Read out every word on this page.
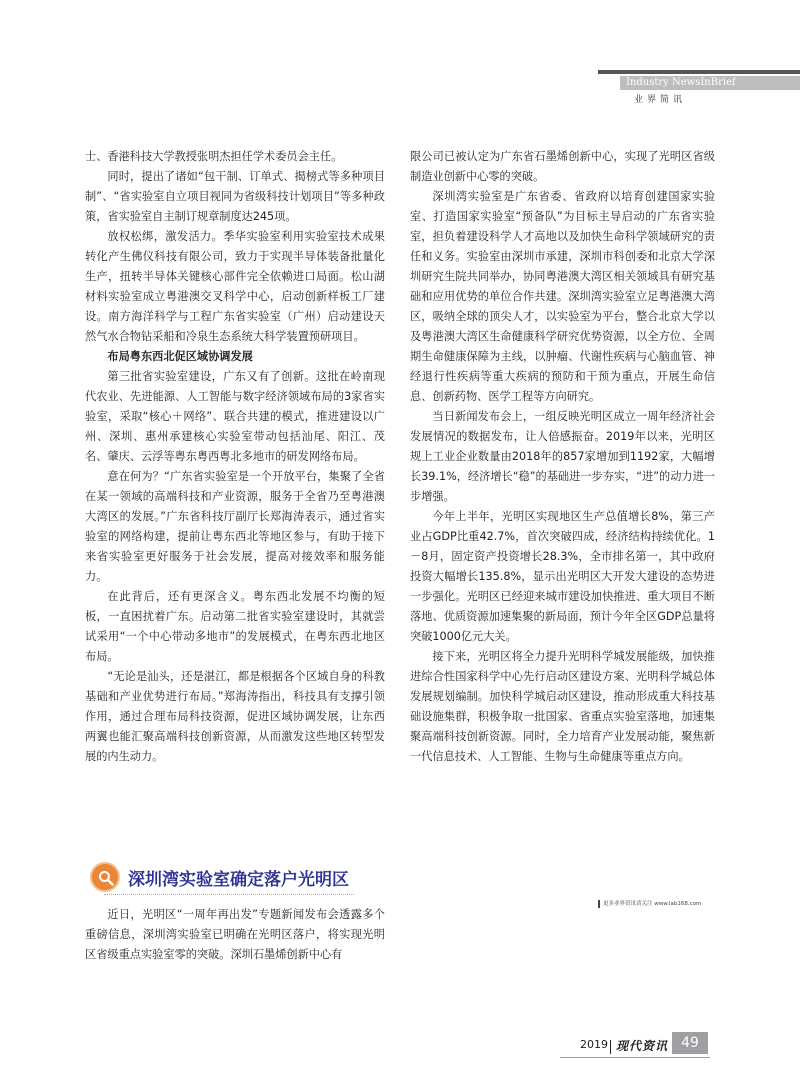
Industry NewsInBrief
业界简讯

士、香港科技大学教授张明杰担任学术委员会主任。

同时，提出了诸如“包干制、订单式、揭榜式等多种项目制”、“省实验室自立项目视同为省级科技计划项目”等多种政策，省实验室自主制订规章制度达245项。

放权松绑，激发活力。季华实验室利用实验室技术成果转化产生佛仪科技有限公司，致力于实现半导体装备批量化生产，扭转半导体关键核心部件完全依赖进口局面。松山湖材料实验室成立粤港澳交叉科学中心，启动创新样板工厂建设。南方海洋科学与工程广东省实验室（广州）启动建设天然气水合物钻采船和冷泉生态系统大科学装置预研项目。

布局粤东西北促区域协调发展

第三批省实验室建设，广东又有了创新。这批在岭南现代农业、先进能源、人工智能与数字经济领域布局的3家省实验室，采取“核心＋网络”、联合共建的模式，推进建设以广州、深圳、惠州承建核心实验室带动包括汕尾、阳江、茂名、肇庆、云浮等粤东粤西粤北多地市的研发网络布局。

意在何为？“广东省实验室是一个开放平台，集聚了全省在某一领域的高端科技和产业资源，服务于全省乃至粤港澳大湾区的发展。”广东省科技厅副厅长郑海涛表示，通过省实验室的网络构建，提前让粤东西北等地区参与，有助于接下来省实验室更好服务于社会发展，提高对接效率和服务能力。

在此背后，还有更深含义。粤东西北发展不均衡的短板，一直困扰着广东。启动第二批省实验室建设时，其就尝试采用“一个中心带动多地市”的发展模式，在粤东西北地区布局。

“无论是汕头，还是湛江，都是根据各个区域自身的科教基础和产业优势进行布局。”郑海涛指出，科技具有支撑引领作用，通过合理布局科技资源，促进区域协调发展，让东西两翼也能汇聚高端科技创新资源，从而激发这些地区转型发展的内生动力。

深圳湾实验室确定落户光明区

近日，光明区“一周年再出发”专题新闻发布会透露多个重磅信息，深圳湾实验室已明确在光明区落户，将实现光明区省级重点实验室零的突破。深圳石墨烯创新中心有

限公司已被认定为广东省石墨烯创新中心，实现了光明区省级制造业创新中心零的突破。

深圳湾实验室是广东省委、省政府以培育创建国家实验室、打造国家实验室“预备队”为目标主导启动的广东省实验室，担负着建设科学人才高地以及加快生命科学领域研究的责任和义务。实验室由深圳市承建，深圳市科创委和北京大学深圳研究生院共同举办，协同粤港澳大湾区相关领域具有研究基础和应用优势的单位合作共建。深圳湾实验室立足粤港澳大湾区，吸纳全球的顶尖人才，以实验室为平台，整合北京大学以及粤港澳大湾区生命健康科学研究优势资源，以全方位、全周期生命健康保障为主线，以肿瘤、代谢性疾病与心脑血管、神经退行性疾病等重大疾病的预防和干预为重点，开展生命信息、创新药物、医学工程等方向研究。

当日新闻发布会上，一组反映光明区成立一周年经济社会发展情况的数据发布，让人倍感振奋。2019年以来，光明区规上工业企业数量由2018年的857家增加到1192家，大幅增长39.1%，经济增长“稳”的基础进一步夯实，“进”的动力进一步增强。

今年上半年，光明区实现地区生产总值增长8%，第三产业占GDP比重42.7%，首次突破四成，经济结构持续优化。1－8月，固定资产投资增长28.3%，全市排名第一，其中政府投资大幅增长135.8%，显示出光明区大开发大建设的态势进一步强化。光明区已经迎来城市建设加快推进、重大项目不断落地、优质资源加速集聚的新局面，预计今年全区GDP总量将突破1000亿元大关。

接下来，光明区将全力提升光明科学城发展能级，加快推进综合性国家科学中心先行启动区建设方案、光明科学城总体发展规划编制。加快科学城启动区建设，推动形成重大科技基础设施集群，积极争取一批国家、省重点实验室落地，加速集聚高端科技创新资源。同时，全力培育产业发展动能，聚焦新一代信息技术、人工智能、生物与生命健康等重点方向。

更多业界资讯请关注 www.lab168.com
2019 现代资讯 49
